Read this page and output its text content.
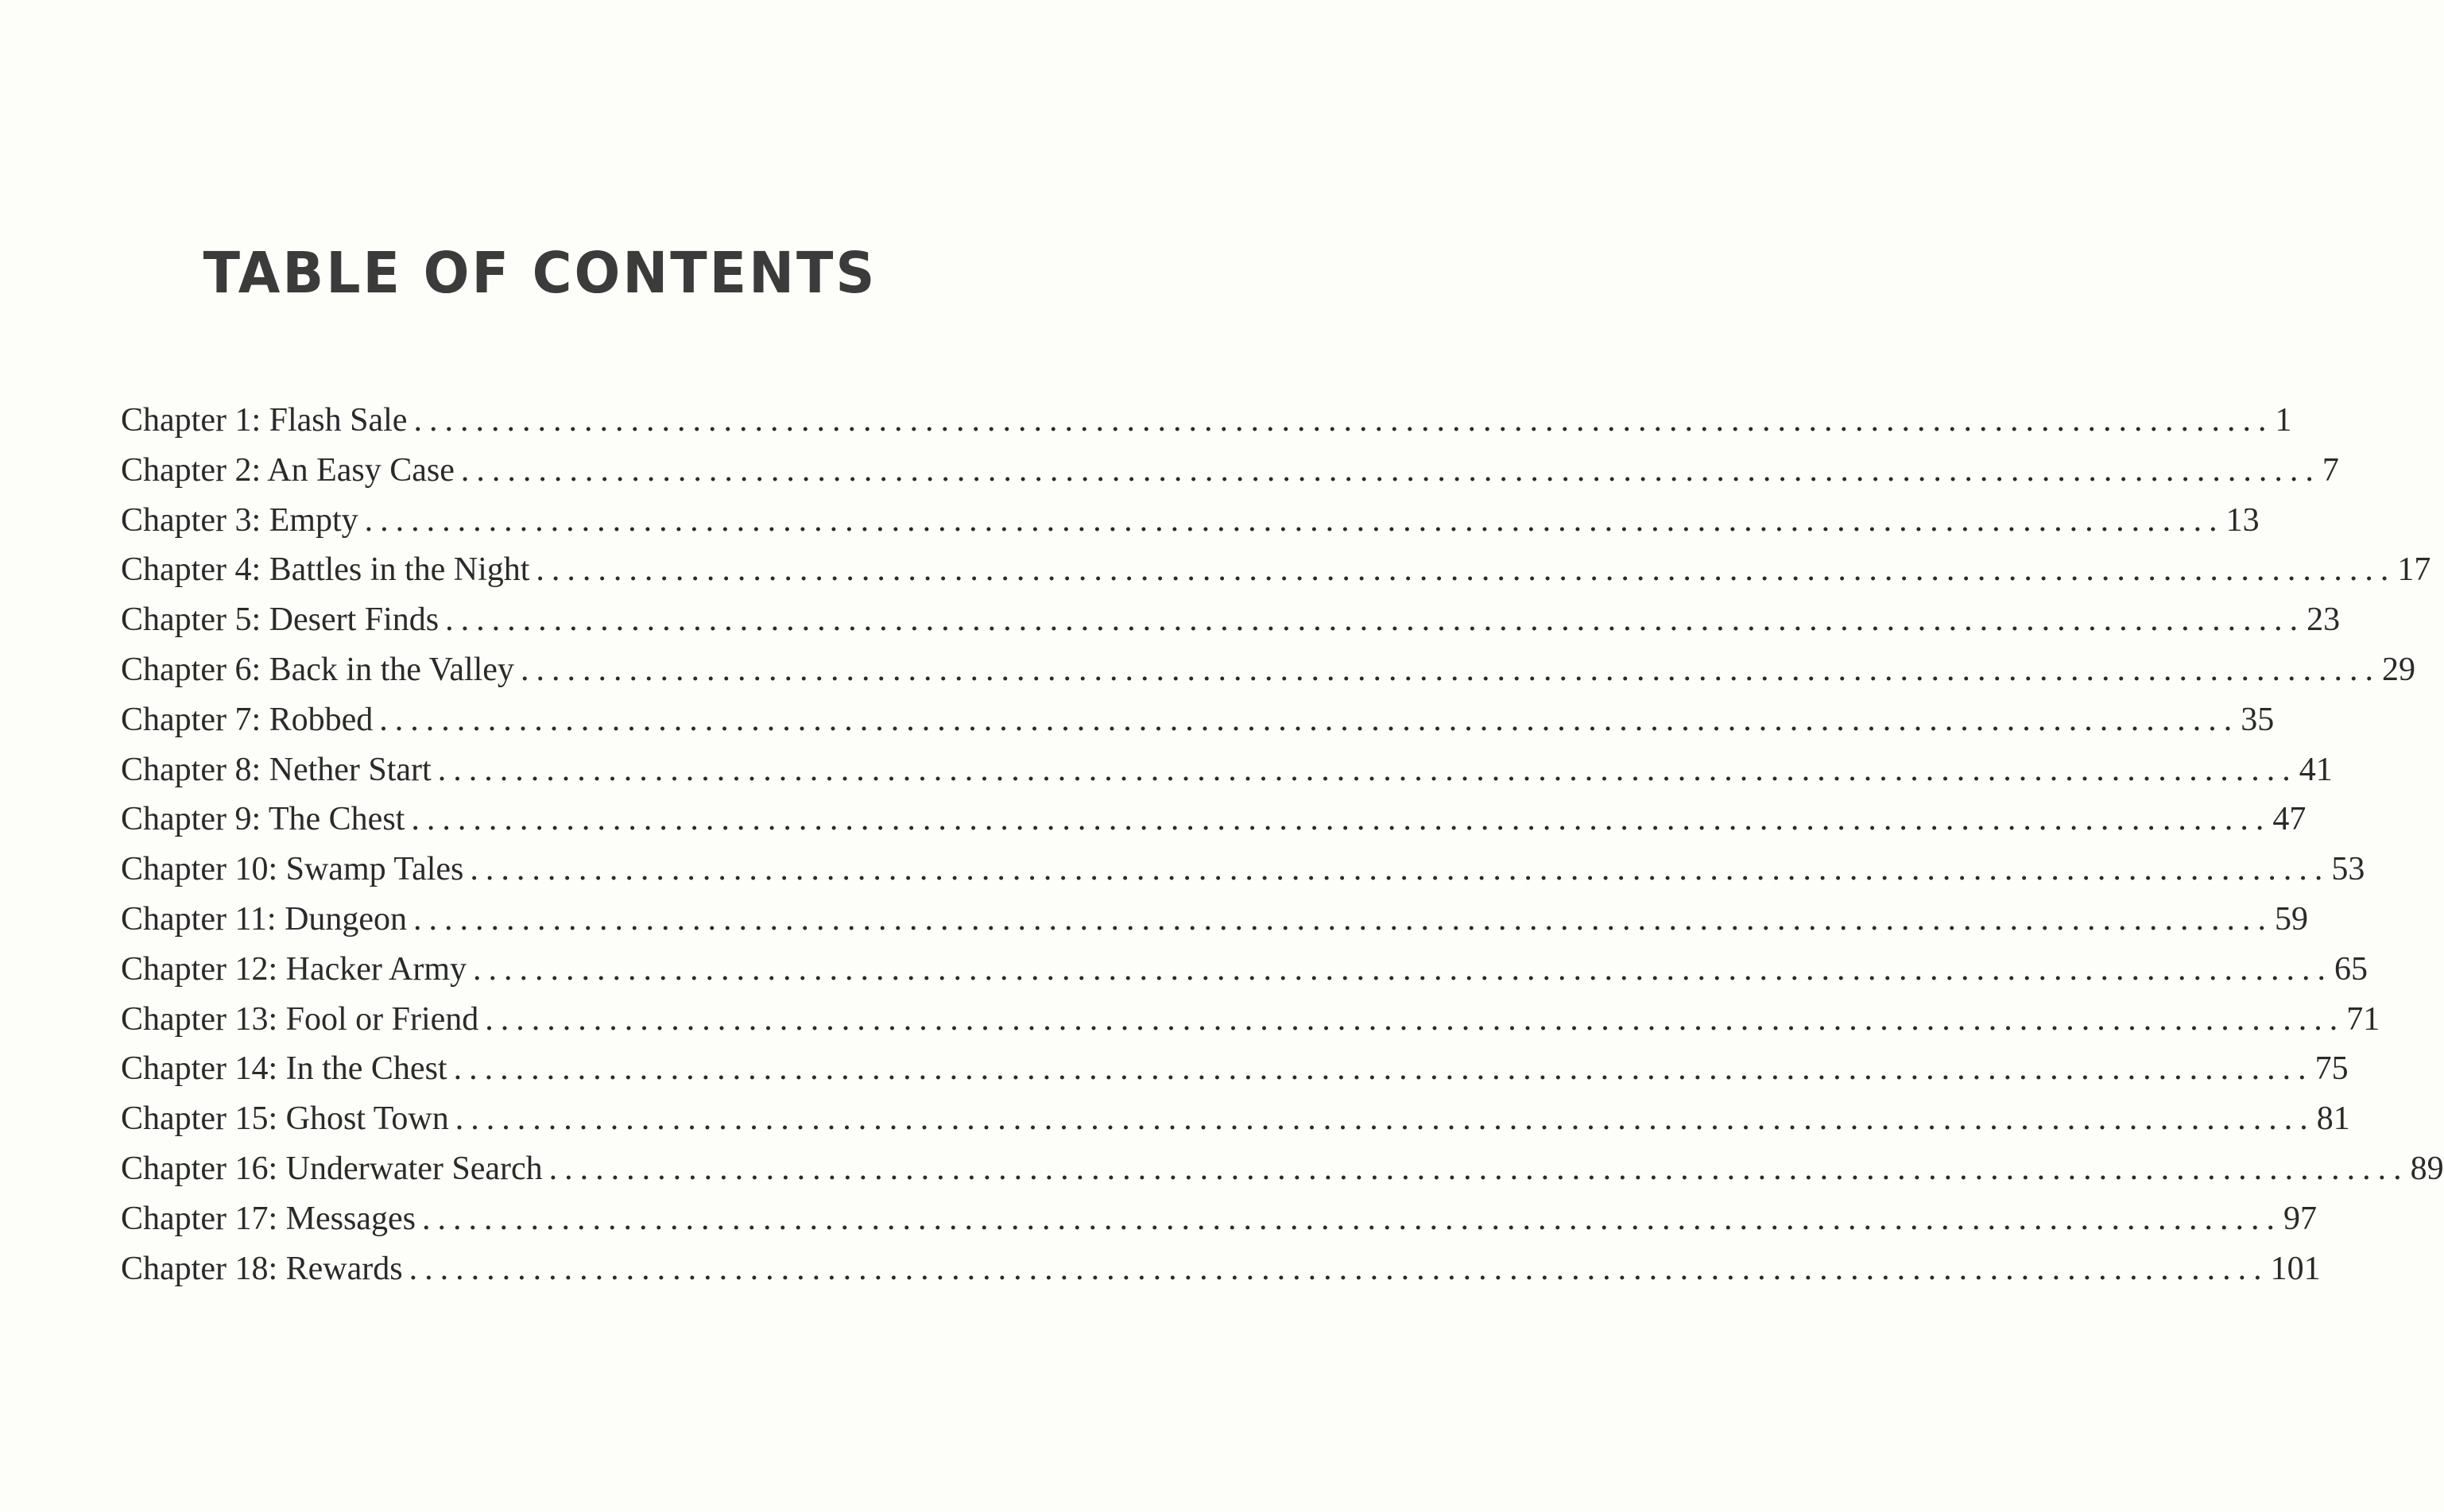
TABLE OF CONTENTS
Chapter 1: Flash Sale ........................................................................................................................ 1
Chapter 2: An Easy Case ........................................................................................................................ 7
Chapter 3: Empty ........................................................................................................................ 13
Chapter 4: Battles in the Night ........................................................................................................................ 17
Chapter 5: Desert Finds ........................................................................................................................ 23
Chapter 6: Back in the Valley ........................................................................................................................ 29
Chapter 7: Robbed ........................................................................................................................ 35
Chapter 8: Nether Start ........................................................................................................................ 41
Chapter 9: The Chest ........................................................................................................................ 47
Chapter 10: Swamp Tales ........................................................................................................................ 53
Chapter 11: Dungeon ........................................................................................................................ 59
Chapter 12: Hacker Army ........................................................................................................................ 65
Chapter 13: Fool or Friend ........................................................................................................................ 71
Chapter 14: In the Chest ........................................................................................................................ 75
Chapter 15: Ghost Town ........................................................................................................................ 81
Chapter 16: Underwater Search ........................................................................................................................ 89
Chapter 17: Messages ........................................................................................................................ 97
Chapter 18: Rewards ........................................................................................................................ 101
